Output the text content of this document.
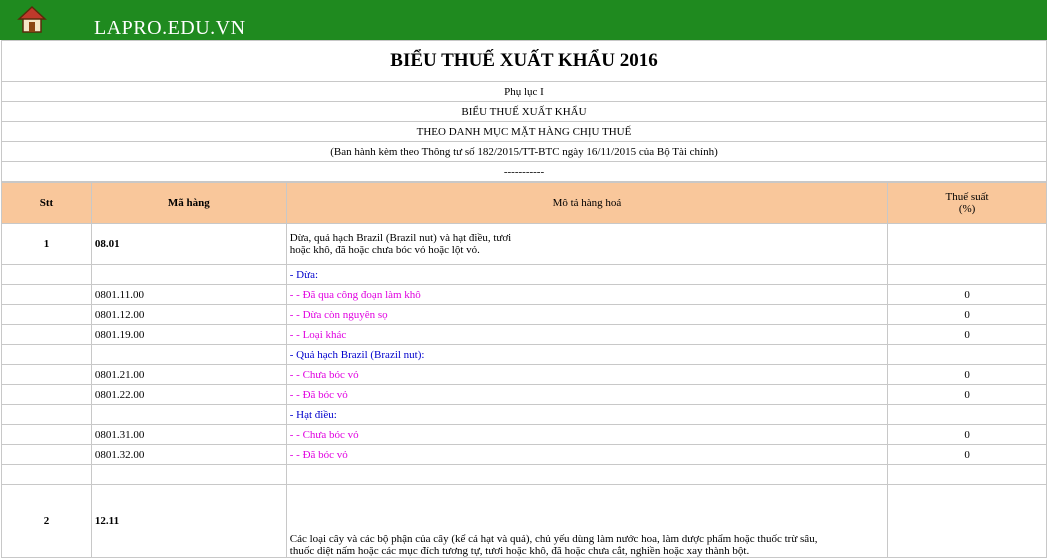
LAPRO.EDU.VN
BIỂU THUẾ XUẤT KHẨU 2016
Phụ lục I
BIỂU THUẾ XUẤT KHẨU
THEO DANH MỤC MẶT HÀNG CHỊU THUẾ
(Ban hành kèm theo Thông tư số 182/2015/TT-BTC ngày 16/11/2015 của Bộ Tài chính)
-----------
Stt	Mã hàng	Mô tả hàng hoá	Thuế suất
(%)
1	08.01	Dừa, quả hạch Brazil (Brazil nut) và hạt điều, tươi
hoặc khô, đã hoặc chưa bóc vỏ hoặc lột vỏ.	
		- Dừa:	
	0801.11.00	- - Đã qua công đoạn làm khô	0
	0801.12.00	- - Dừa còn nguyên sọ	0
	0801.19.00	- - Loại khác	0
		- Quả hạch Brazil (Brazil nut):	
	0801.21.00	- - Chưa bóc vỏ	0
	0801.22.00	- - Đã bóc vỏ	0
		- Hạt điều:	
	0801.31.00	- - Chưa bóc vỏ	0
	0801.32.00	- - Đã bóc vỏ	0

2	12.11	Các loại cây và các bộ phận của cây (kể cả hạt và quả), chủ yếu dùng làm nước hoa, làm dược phẩm hoặc thuốc trừ sâu,
thuốc diệt nấm hoặc các mục đích tương tự, tươi hoặc khô, đã hoặc chưa cắt, nghiền hoặc xay thành bột.	
